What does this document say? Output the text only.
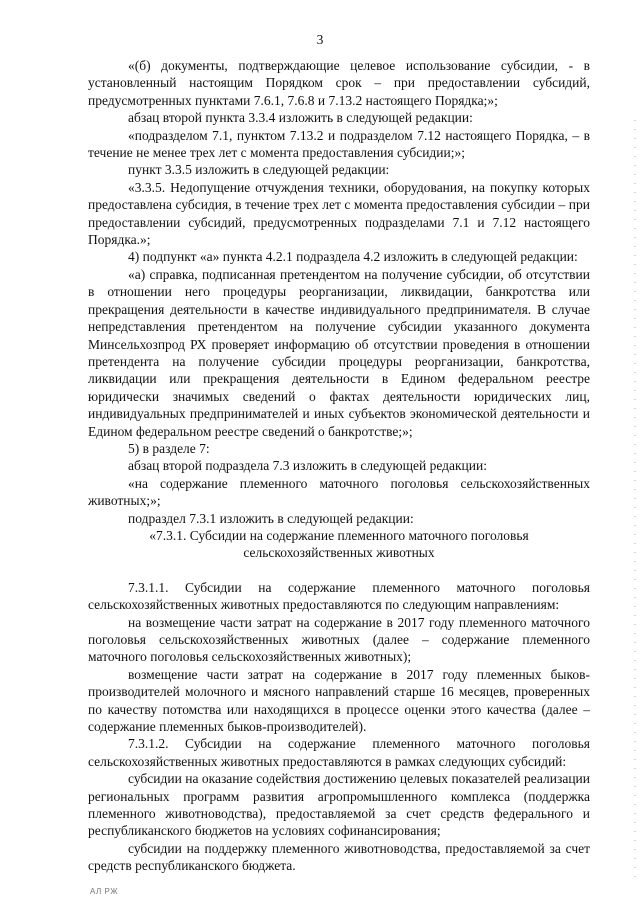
3

«(б) документы, подтверждающие целевое использование субсидии, - в установленный настоящим Порядком срок – при предоставлении субсидий, предусмотренных пунктами 7.6.1, 7.6.8 и 7.13.2 настоящего Порядка;»;

абзац второй пункта 3.3.4 изложить в следующей редакции:

«подразделом 7.1, пунктом 7.13.2 и подразделом 7.12 настоящего Порядка, – в течение не менее трех лет с момента предоставления субсидии;»;

пункт 3.3.5 изложить в следующей редакции:

«3.3.5. Недопущение отчуждения техники, оборудования, на покупку которых предоставлена субсидия, в течение трех лет с момента предоставления субсидии – при предоставлении субсидий, предусмотренных подразделами 7.1 и 7.12 настоящего Порядка.»;

4) подпункт «а» пункта 4.2.1 подраздела 4.2 изложить в следующей редакции:

«а) справка, подписанная претендентом на получение субсидии, об отсутствии в отношении него процедуры реорганизации, ликвидации, банкротства или прекращения деятельности в качестве индивидуального предпринимателя. В случае непредставления претендентом на получение субсидии указанного документа Минсельхозпрод РХ проверяет информацию об отсутствии проведения в отношении претендента на получение субсидии процедуры реорганизации, банкротства, ликвидации или прекращения деятельности в Едином федеральном реестре юридически значимых сведений о фактах деятельности юридических лиц, индивидуальных предпринимателей и иных субъектов экономической деятельности и Едином федеральном реестре сведений о банкротстве;»;

5) в разделе 7:

абзац второй подраздела 7.3 изложить в следующей редакции:

«на содержание племенного маточного поголовья сельскохозяйственных животных;»;

подраздел 7.3.1 изложить в следующей редакции:

«7.3.1. Субсидии на содержание племенного маточного поголовья сельскохозяйственных животных

7.3.1.1. Субсидии на содержание племенного маточного поголовья сельскохозяйственных животных предоставляются по следующим направлениям:

на возмещение части затрат на содержание в 2017 году племенного маточного поголовья сельскохозяйственных животных (далее – содержание племенного маточного поголовья сельскохозяйственных животных);

возмещение части затрат на содержание в 2017 году племенных быков-производителей молочного и мясного направлений старше 16 месяцев, проверенных по качеству потомства или находящихся в процессе оценки этого качества (далее – содержание племенных быков-производителей).

7.3.1.2. Субсидии на содержание племенного маточного поголовья сельскохозяйственных животных предоставляются в рамках следующих субсидий:

субсидии на оказание содействия достижению целевых показателей реализации региональных программ развития агропромышленного комплекса (поддержка племенного животноводства), предоставляемой за счет средств федерального и республиканского бюджетов на условиях софинансирования;

субсидии на поддержку племенного животноводства, предоставляемой за счет средств республиканского бюджета.

АЛ РЖ
